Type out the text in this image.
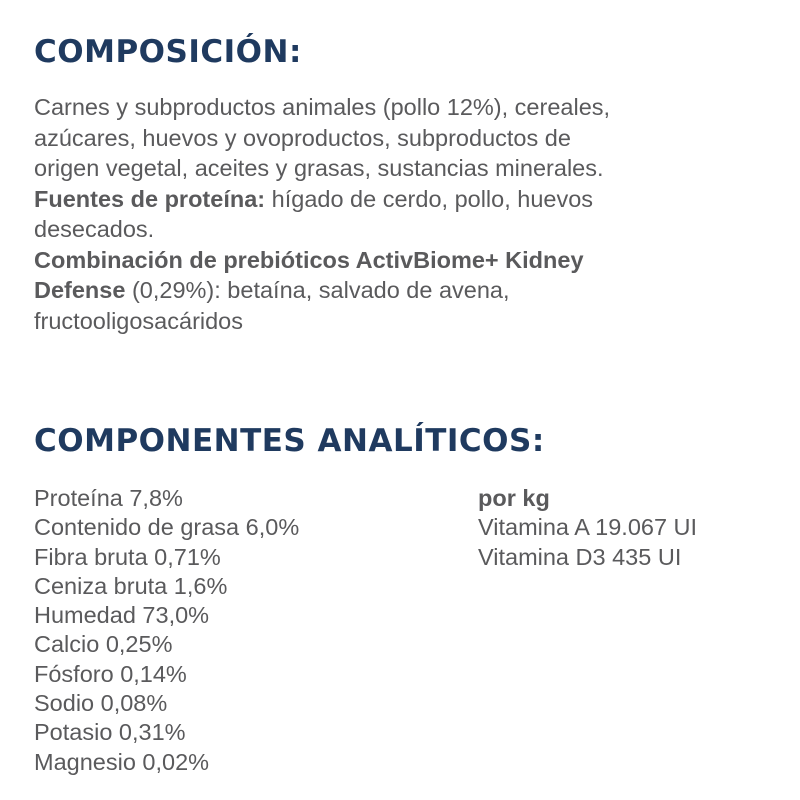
COMPOSICIÓN:
Carnes y subproductos animales (pollo 12%), cereales,
azúcares, huevos y ovoproductos, subproductos de
origen vegetal, aceites y grasas, sustancias minerales.
Fuentes de proteína: hígado de cerdo, pollo, huevos
desecados.
Combinación de prebióticos ActivBiome+ Kidney
Defense (0,29%): betaína, salvado de avena,
fructooligosacáridos
COMPONENTES ANALÍTICOS:
Proteína 7,8%
Contenido de grasa 6,0%
Fibra bruta 0,71%
Ceniza bruta 1,6%
Humedad 73,0%
Calcio 0,25%
Fósforo 0,14%
Sodio 0,08%
Potasio 0,31%
Magnesio 0,02%
por kg
Vitamina A 19.067 UI
Vitamina D3 435 UI
